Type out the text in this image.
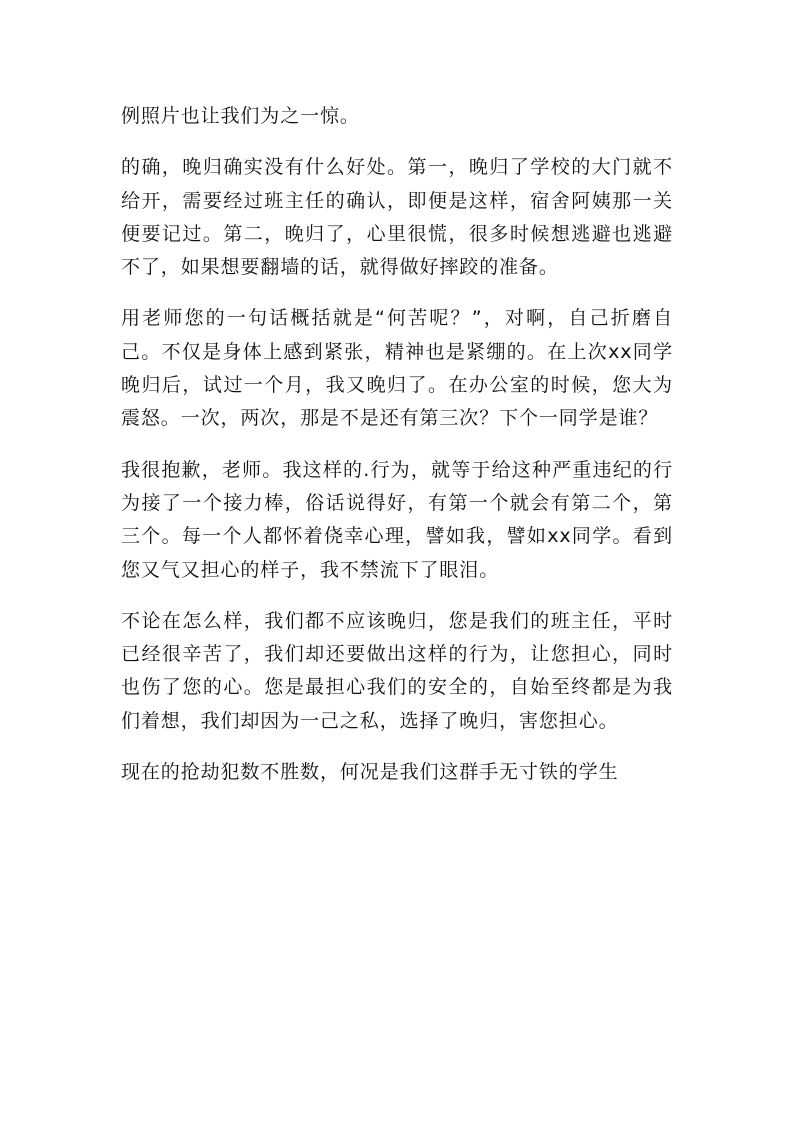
例照片也让我们为之一惊。

的确，晚归确实没有什么好处。第一，晚归了学校的大门就不给开，需要经过班主任的确认，即便是这样，宿舍阿姨那一关便要记过。第二，晚归了，心里很慌，很多时候想逃避也逃避不了，如果想要翻墙的话，就得做好摔跤的准备。

用老师您的一句话概括就是“何苦呢？”，对啊，自己折磨自己。不仅是身体上感到紧张，精神也是紧绷的。在上次xx同学晚归后，试过一个月，我又晚归了。在办公室的时候，您大为震怒。一次，两次，那是不是还有第三次？下个一同学是谁？

我很抱歉，老师。我这样的.行为，就等于给这种严重违纪的行为接了一个接力棒，俗话说得好，有第一个就会有第二个，第三个。每一个人都怀着侥幸心理，譬如我，譬如xx同学。看到您又气又担心的样子，我不禁流下了眼泪。

不论在怎么样，我们都不应该晚归，您是我们的班主任，平时已经很辛苦了，我们却还要做出这样的行为，让您担心，同时也伤了您的心。您是最担心我们的安全的，自始至终都是为我们着想，我们却因为一己之私，选择了晚归，害您担心。

现在的抢劫犯数不胜数，何况是我们这群手无寸铁的学生
